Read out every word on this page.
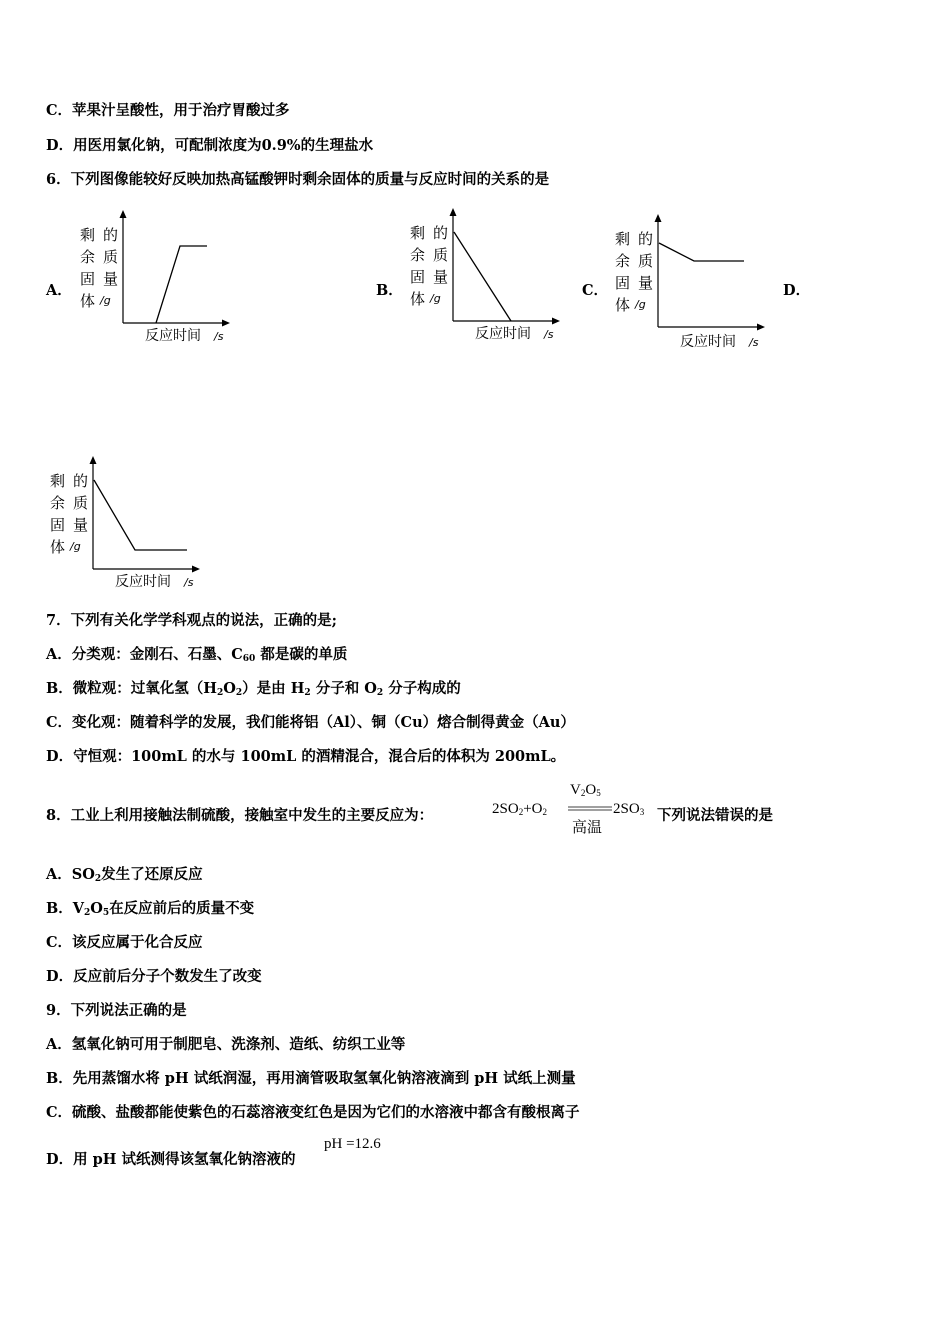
C．苹果汁呈酸性，用于治疗胃酸过多
D．用医用氯化钠，可配制浓度为0.9%的生理盐水
6．下列图像能较好反映加热高锰酸钾时剩余固体的质量与反应时间的关系的是
A．	B．	C．	D．
剩 的
余 质
固 量
体 /g
反应时间 /s
剩 的
余 质
固 量
体 /g
反应时间 /s
剩 的
余 质
固 量
体 /g
反应时间 /s
剩 的
余 质
固 量
体 /g
反应时间 /s
7．下列有关化学学科观点的说法，正确的是;
A．分类观：金刚石、石墨、$C_{60}$ 都是碳的单质
B．微粒观：过氧化氢$(H_2O_2)$是由 $H_2$ 分子和 $O_2$ 分子构成的
C．变化观：随着科学的发展，我们能将铝（Al）、铜（Cu）熔合制得黄金（Au）
D．守恒观：100mL 的水与 100mL 的酒精混合，混合后的体积为 200mL。
8．工业上利用接触法制硫酸，接触室中发生的主要反应为：	$2SO_2+O_2$
$V_2O_5$
高温
$2SO_3$ 下列说法错误的是
A．$SO_2$发生了还原反应
B．$V_2O_5$在反应前后的质量不变
C．该反应属于化合反应
D．反应前后分子个数发生了改变
9．下列说法正确的是
A．氢氧化钠可用于制肥皂、洗涤剂、造纸、纺织工业等
B．先用蒸馏水将 pH 试纸润湿，再用滴管吸取氢氧化钠溶液滴到 pH 试纸上测量
C．硫酸、盐酸都能使紫色的石蕊溶液变红色是因为它们的水溶液中都含有酸根离子
D．用 pH 试纸测得该氢氧化钠溶液的
pH =12.6
